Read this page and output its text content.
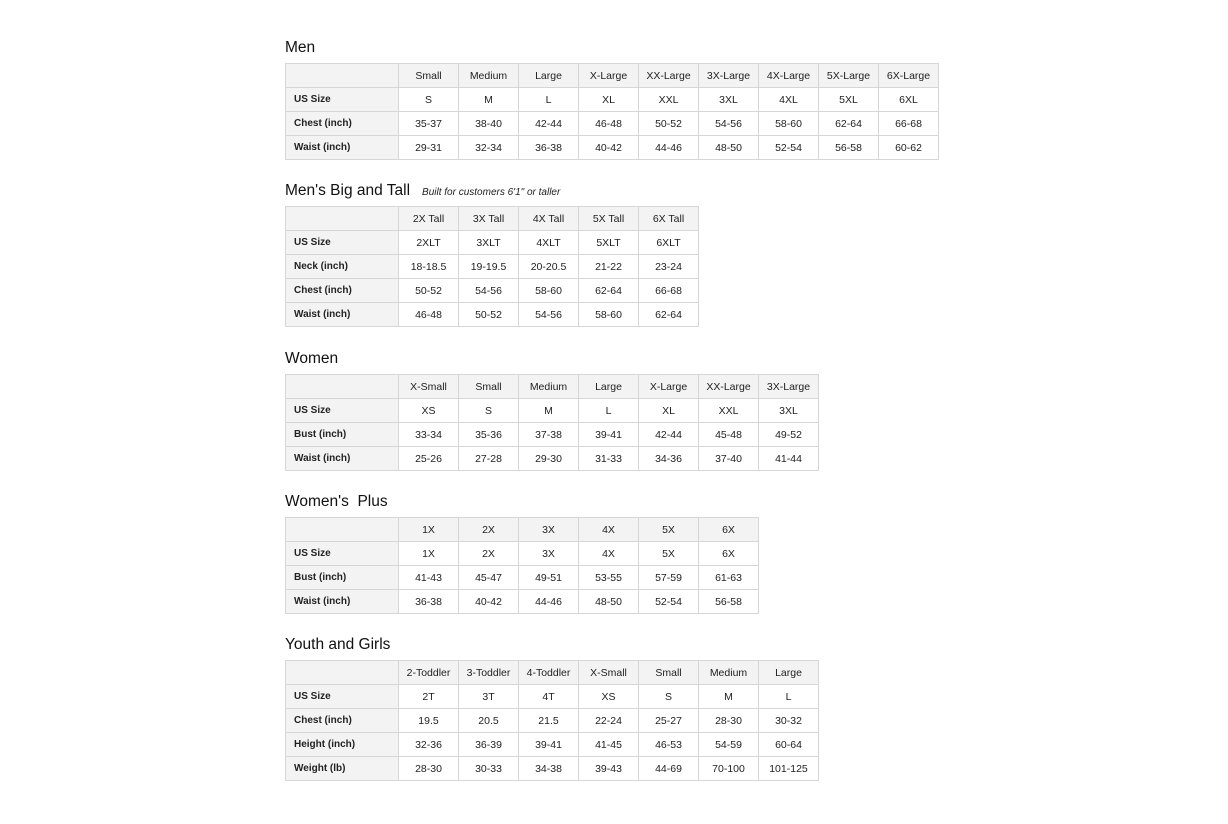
Men
	Small	Medium	Large	X-Large	XX-Large	3X-Large	4X-Large	5X-Large	6X-Large
US Size	S	M	L	XL	XXL	3XL	4XL	5XL	6XL
Chest (inch)	35-37	38-40	42-44	46-48	50-52	54-56	58-60	62-64	66-68
Waist (inch)	29-31	32-34	36-38	40-42	44-46	48-50	52-54	56-58	60-62
Men's Big and Tall Built for customers 6'1" or taller
	2X Tall	3X Tall	4X Tall	5X Tall	6X Tall
US Size	2XLT	3XLT	4XLT	5XLT	6XLT
Neck (inch)	18-18.5	19-19.5	20-20.5	21-22	23-24
Chest (inch)	50-52	54-56	58-60	62-64	66-68
Waist (inch)	46-48	50-52	54-56	58-60	62-64
Women
	X-Small	Small	Medium	Large	X-Large	XX-Large	3X-Large
US Size	XS	S	M	L	XL	XXL	3XL
Bust (inch)	33-34	35-36	37-38	39-41	42-44	45-48	49-52
Waist (inch)	25-26	27-28	29-30	31-33	34-36	37-40	41-44
Women's  Plus
	1X	2X	3X	4X	5X	6X
US Size	1X	2X	3X	4X	5X	6X
Bust (inch)	41-43	45-47	49-51	53-55	57-59	61-63
Waist (inch)	36-38	40-42	44-46	48-50	52-54	56-58
Youth and Girls
	2-Toddler	3-Toddler	4-Toddler	X-Small	Small	Medium	Large
US Size	2T	3T	4T	XS	S	M	L
Chest (inch)	19.5	20.5	21.5	22-24	25-27	28-30	30-32
Height (inch)	32-36	36-39	39-41	41-45	46-53	54-59	60-64
Weight (lb)	28-30	30-33	34-38	39-43	44-69	70-100	101-125
